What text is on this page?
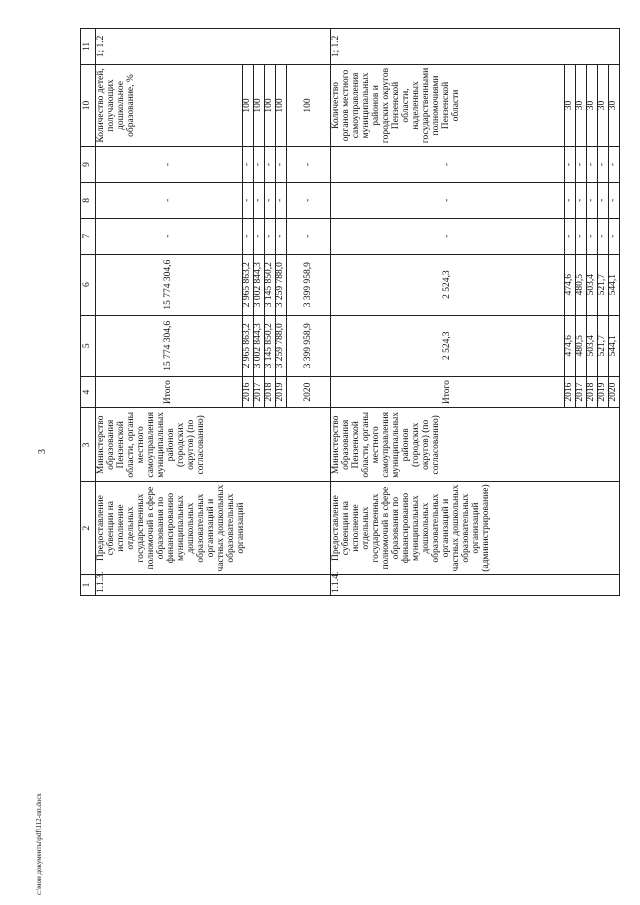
3
1	2	3	4	5	6	7	8	9	10	11
1.1.3.	Предоставление субвенции на исполнение отдельных государственных полномочий в сфере образования по финансированию муниципальных дошкольных образовательных организаций и частных дошкольных образовательных организаций	Министерство образования Пензенской области, органы местного самоуправления муниципальных районов (городских округов) (по согласованию)	Итого	15 774 304,6	15 774 304,6	-	-	-	Количество детей, получающих дошкольное образование, %	1; 1.2
			2016	2 965 863,2	2 965 863,2	-	-	-	100	
			2017	3 002 844,3	3 002 844,3	-	-	-	100	
			2018	3 145 850,2	3 145 850,2	-	-	-	100	
			2019	3 259 788,0	3 259 788,0	-	-	-	100	
			2020	3 399 958,9	3 399 958,9	-	-	-	100	
1.1.4.	Предоставление субвенции на исполнение отдельных государственных полномочий в сфере образования по финансированию муниципальных дошкольных образовательных организаций и частных дошкольных образовательных организаций (администрирование)	Министерство образования Пензенской области, органы местного самоуправления муниципальных районов (городских округов) (по согласованию)	Итого	2 524,3	2 524,3	-	-	-	Количество органов местного самоуправления муниципальных районов и городских округов Пензенской области, наделенных государственными полномочиями Пензенской области	1; 1.2
			2016	474,6	474,6	-	-	-	30	
			2017	480,5	480,5	-	-	-	30	
			2018	503,4	503,4	-	-	-	30	
			2019	521,7	521,7	-	-	-	30	
			2020	544,1	544,1	-	-	-	30	
c:\мои документы\pdf\112-пп.docx
